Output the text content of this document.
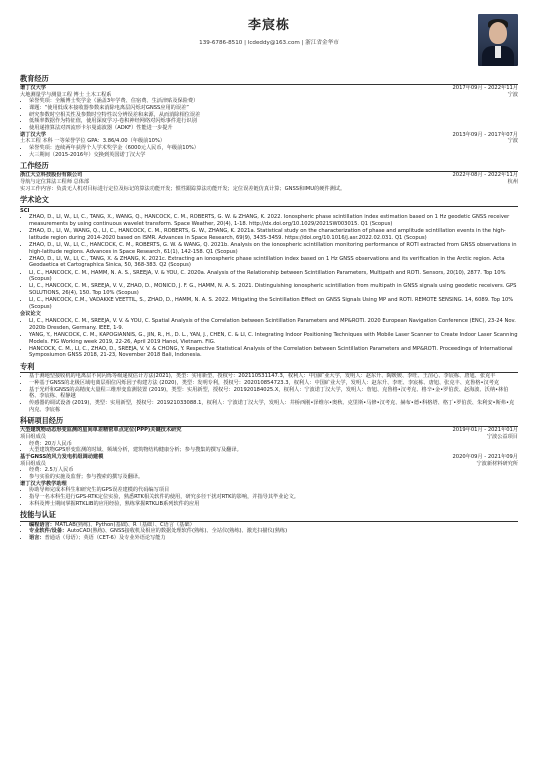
李宸栋
139-6786-8510 | lcdeddy@163.com | 浙江省金华市
教育经历
谱丁汉大学	2017年09月 - 2022年11月
大地测量学与测量工程 博士 土木工程系	宁波
• 荣誉奖项：全额博士奖学金（涵盖3年学费、住宿费、生活津贴及保险费）
• 课题：“使用低成本接收器参数来消除电离层闪烁对GNSS应用的误差”
• 研究参数时空相关性及参数时空特性以分辨误差和来源，从而消除相位误差
• 低频率数据作为特征值，使用深度学习-卷积神经网络对闪烁事件进行识别
• 使用递推算法对四流形卡尔曼滤波器（ADKF）性能进一步提升
诺丁汉大学	2013年09月 - 2017年07月
土木工程 本科 一等荣誉学位 GPA：3.86/4.00（年级前10%）	宁波
• 荣誉奖项：连续两年获得个人学术奖学金（6000元人民币，年级前10%）
• 大三期间（2015-2016年）交换到英国诺丁汉大学
工作经历
浙江大立科技股份有限公司	2022年08月 - 2022年11月
导航与定位算法工程师 总体部	杭州
实习工作内容：负责无人机对目标进行定位及标记的算法功能开发；惯性跟踪算法功能开发；定位误差链仿真计算；GNSS和IMU的硬件测试。
学术论文
SCI
• ZHAO, D., LI, W., LI, C., TANG, X., WANG, Q., HANCOCK, C. M., ROBERTS, G. W. & ZHANG, K. 2022. Ionospheric phase scintillation index estimation based on 1 Hz geodetic GNSS receiver measurements by using continuous wavelet transform. Space Weather, 20(4), 1-18. http://dx.doi.org/10.1029/2021SW003015. Q1 (Scopus)
• ZHAO, D., LI, W., WANG, Q., LI, C., HANCOCK, C. M., ROBERTS, G. W., ZHANG, K. 2021a. Statistical study on the characterization of phase and amplitude scintillation events in the high-latitude region during 2014-2020 based on ISMR. Advances in Space Research, 69(9), 3435-3459. https://doi.org/10.1016/j.asr.2022.02.031. Q1 (Scopus)
• ZHAO, D., LI, W., LI, C., HANCOCK, C. M., ROBERTS, G. W. & WANG, Q. 2021b. Analysis on the ionospheric scintillation monitoring performance of ROTI extracted from GNSS observations in high-latitude regions. Advances in Space Research, 61(1), 142-158. Q1 (Scopus)
• ZHAO, D., LI, W., LI, C., TANG, X. & ZHANG, K. 2021c. Extracting an ionospheric phase scintillation index based on 1 Hz GNSS observations and its verification in the Arctic region. Acta Geodaetica et Cartographica Sinica, 50, 368-383. Q2 (Scopus)
• LI, C., HANCOCK, C. M., HAMM, N. A. S., SREEJA, V. & YOU, C. 2020a. Analysis of the Relationship between Scintillation Parameters, Multipath and ROTI. Sensors, 20(10), 2877. Top 10% (Scopus)
• LI, C., HANCOCK, C. M., SREEJA, V. V., ZHAO, D., MONICO, J. F. G., HAMM, N. A. S. 2021. Distinguishing ionospheric scintillation from multipath in GNSS signals using geodetic receivers. GPS SOLUTIONS, 26(4), 150. Top 10% (Scopus)
• LI, C., HANCOCK, C.M., VADAKKE VEETTIL, S., ZHAO, D., HAMM, N. A. S. 2022. Mitigating the Scintillation Effect on GNSS Signals Using MP and ROTI. REMOTE SENSING. 14, 6089. Top 10% (Scopus)
会议论文
• LI, C., HANCOCK, C. M., SREEJA, V. V. & YOU, C. Spatial Analysis of the Correlation between Scintillation Parameters and MP&ROTI. 2020 European Navigation Conference (ENC), 23-24 Nov. 2020b Dresden, Germany. IEEE, 1-9.
• YANG, Y., HANCOCK, C. M., KAPOGIANNIS, G., JIN, R., H., D. L., YAN, J., CHEN, C. & LI, C. Integrating Indoor Positioning Techniques with Mobile Laser Scanner to Create Indoor Laser Scanning Models. FIG Working week 2019, 22-26, April 2019 Hanoi, Vietnam. FIG.
• HANCOCK, C. M., LI, C., ZHAO, D., SREEJA, V. V. & CHONG, Y. Respective Statistical Analysis of the Correlation between Scintillation Parameters and MP&ROTI. Proceedings of International Symposiumon GNSS 2018, 21-23, November 2018 Bali, Indonesia.
专利
• 基于测地型接收机的电离层不同闪烁等级递度估计方法(2021)，类型：实用新型，授权号：202110531147.3，权利人：中国矿业大学，发明人：赵东升、陶媛媛、李旺、王渲心、李宸栋、唐旭、张克丰
• 一种基于GNSS的北极区域电离层相位闪烁因子构建方法 (2020)，类型：发明专利，授权号：202010854723.3，权利人：中国矿业大学，发明人：赵东升、李旺、李宸栋、唐旭、张克丰、克鲁格•汉考克
• 基于光纤和GNSS的高精度大量程三维形变监测装置 (2019)，类型：实用新型，授权号：201920184025.X，权利人：宁波诺丁汉大学，发明人：詹旭、克鲁格•汉考克、格辛•金•罗伯茨、赵海波、沃纳•林伯格、李宸栋、程静越
• 传感器的调试设备 (2019)，类型：实用新型，授权号：201921033088.1，权利人：宁波诺丁汉大学，发明人：井桥西刚•泽维尔•奥秋、克里斯•马修•汉考克、赫布•德•科格塔、格丁•罗伯茨、朱利安•斯弗•克内克、李宸栋
科研项目经历
大型建筑物动态形变监测的星间单差精密单点定位(PPP)关键技术研究	2019年01月 - 2021年01月
项目组成员	宁波公益项目
• 经费：20万人民币
• 大型建筑物GPS形变监测的时域、频域分析，建筑物结构健康分析；参与搜集的撰写及翻译。
基于GNSS的风力发电机组调动建模	2020年09月 - 2021年09月
项目组成员	宁波新材料研究所
• 经费：2.5万人民币
• 参与实验的实施及监督；参与搜索的撰写及翻译。
谱丁汉大学教学助理
• 协助导师完成本科生和研究生的GPS误差建模的代码编写项目
• 指导一名本科生进行GPS-RTK定位实验，熟悉RTK相关软件的使用，研究多径干扰对RTK的影响，并指导其毕业论文。
• 本科及博士期间掌握RTKLIB的应用经验，熟练掌握RTKLIB系列软件的应用
技能与认证
• 编程语言：MATLAB(熟练)、Python(基础)、R（基础）、C语言（基础）
• 专业软件/设备：AutoCAD(熟练)、GNSS接收机及相应的数据处理软件(熟练)、全站仪(熟练)、激光扫描仪(熟练)
• 语言：普通话（母语）；英语（CET-6）及专业外语论写能力
